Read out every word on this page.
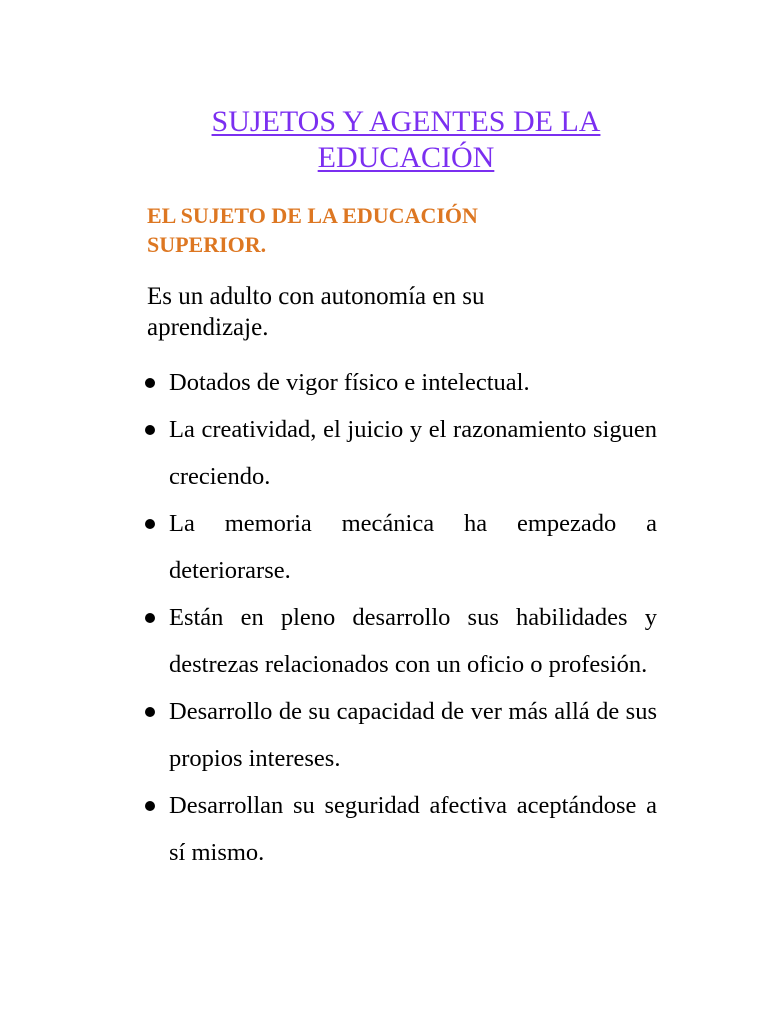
SUJETOS Y AGENTES DE LA EDUCACIÓN
EL SUJETO DE LA EDUCACIÓN SUPERIOR.

Es un adulto con autonomía en su aprendizaje.

Dotados de vigor físico e intelectual.
La creatividad, el juicio y el razonamiento siguen creciendo.
La memoria mecánica ha empezado a deteriorarse.
Están en pleno desarrollo sus habilidades y destrezas relacionados con un oficio o profesión.
Desarrollo de su capacidad de ver más allá de sus propios intereses.
Desarrollan su seguridad afectiva aceptándose a sí mismo.
